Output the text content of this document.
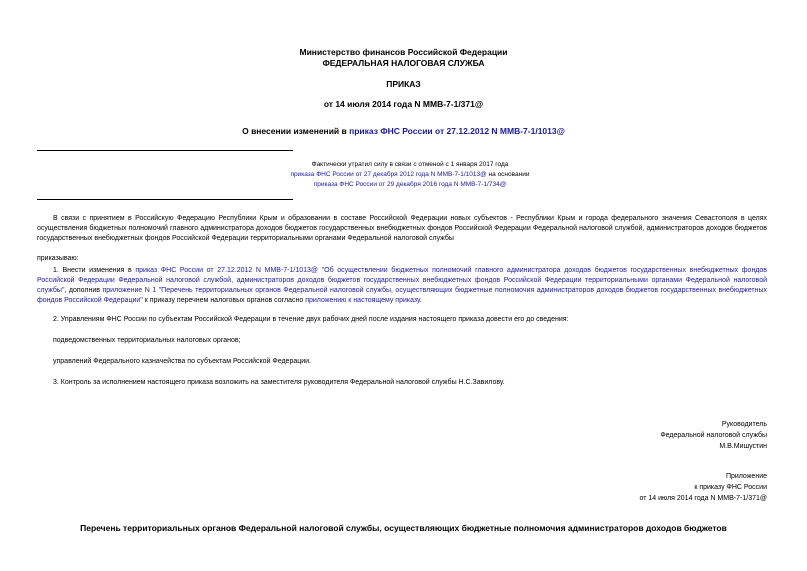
Министерство финансов Российской Федерации
ФЕДЕРАЛЬНАЯ НАЛОГОВАЯ СЛУЖБА
ПРИКАЗ
от 14 июля 2014 года N ММВ-7-1/371@
О внесении изменений в приказ ФНС России от 27.12.2012 N ММВ-7-1/1013@
Фактически утратил силу в связи с отменой с 1 января 2017 года
приказа ФНС России от 27 декабря 2012 года N ММВ-7-1/1013@ на основании
приказа ФНС России от 29 декабря 2016 года N ММВ-7-1/734@
В связи с принятием в Российскую Федерацию Республики Крым и образовании в составе Российской Федерации новых субъектов - Республики Крым и города федерального значения Севастополя в целях осуществления бюджетных полномочий главного администратора доходов бюджетов государственных внебюджетных фондов Российской Федерации Федеральной налоговой службой, администраторов доходов бюджетов государственных внебюджетных фондов Российской Федерации территориальными органами Федеральной налоговой службы
приказываю:
1. Внести изменения в приказ ФНС России от 27.12.2012 N ММВ-7-1/1013@ "Об осуществлении бюджетных полномочий главного администратора доходов бюджетов государственных внебюджетных фондов Российской Федерации Федеральной налоговой службой, администраторов доходов бюджетов государственных внебюджетных фондов Российской Федерации территориальными органами Федеральной налоговой службы", дополнив приложение N 1 "Перечень территориальных органов Федеральной налоговой службы, осуществляющих бюджетные полномочия администраторов доходов бюджетов государственных внебюджетных фондов Российской Федерации" к приказу перечнем налоговых органов согласно приложению к настоящему приказу.
2. Управлениям ФНС России по субъектам Российской Федерации в течение двух рабочих дней после издания настоящего приказа довести его до сведения:
подведомственных территориальных налоговых органов;
управлений Федерального казначейства по субъектам Российской Федерации.
3. Контроль за исполнением настоящего приказа возложить на заместителя руководителя Федеральной налоговой службы Н.С.Завилову.
Руководитель
Федеральной налоговой службы
М.В.Мишустин
Приложение
к приказу ФНС России
от 14 июля 2014 года N ММВ-7-1/371@
Перечень территориальных органов Федеральной налоговой службы, осуществляющих бюджетные полномочия администраторов доходов бюджетов
